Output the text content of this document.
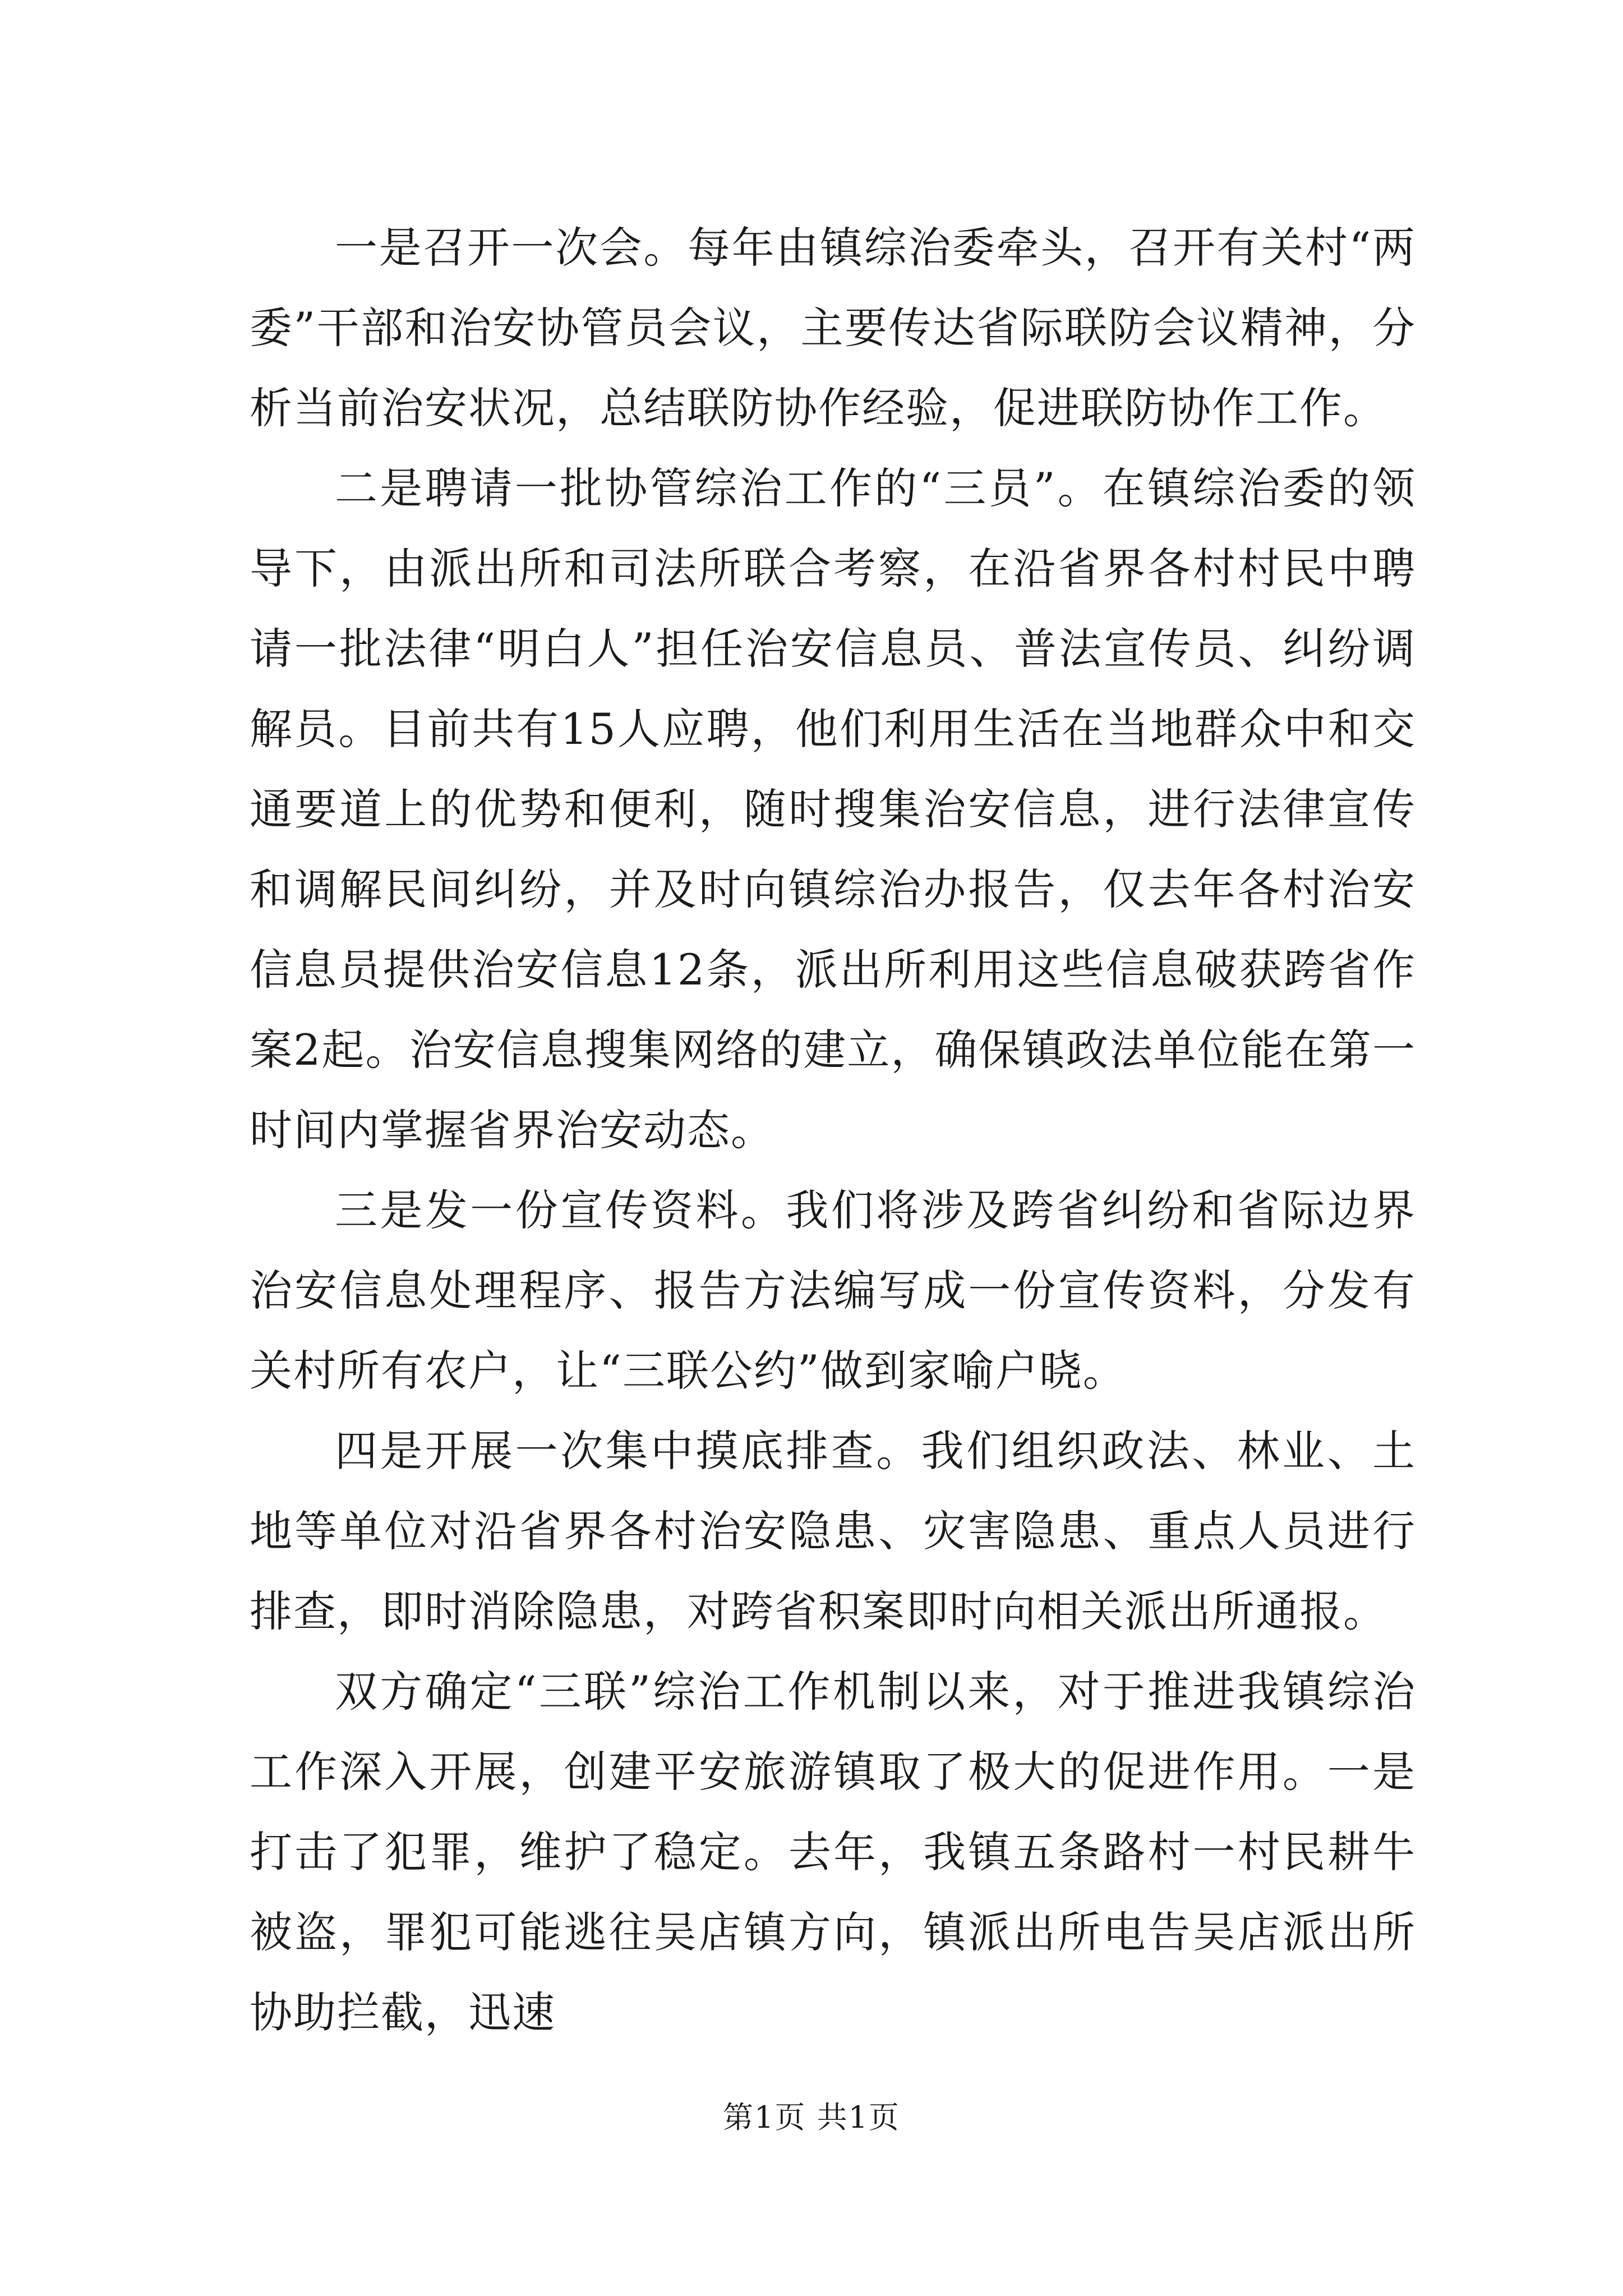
一是召开一次会。每年由镇综治委牵头，召开有关村“两委”干部和治安协管员会议，主要传达省际联防会议精神，分析当前治安状况，总结联防协作经验，促进联防协作工作。

二是聘请一批协管综治工作的“三员”。在镇综治委的领导下，由派出所和司法所联合考察，在沿省界各村村民中聘请一批法律“明白人”担任治安信息员、普法宣传员、纠纷调解员。目前共有15人应聘，他们利用生活在当地群众中和交通要道上的优势和便利，随时搜集治安信息，进行法律宣传和调解民间纠纷，并及时向镇综治办报告，仅去年各村治安信息员提供治安信息12条，派出所利用这些信息破获跨省作案2起。治安信息搜集网络的建立，确保镇政法单位能在第一时间内掌握省界治安动态。

三是发一份宣传资料。我们将涉及跨省纠纷和省际边界治安信息处理程序、报告方法编写成一份宣传资料，分发有关村所有农户，让“三联公约”做到家喻户晓。

四是开展一次集中摸底排查。我们组织政法、林业、土地等单位对沿省界各村治安隐患、灾害隐患、重点人员进行排查，即时消除隐患，对跨省积案即时向相关派出所通报。

双方确定“三联”综治工作机制以来，对于推进我镇综治工作深入开展，创建平安旅游镇取了极大的促进作用。一是打击了犯罪，维护了稳定。去年，我镇五条路村一村民耕牛被盗，罪犯可能逃往吴店镇方向，镇派出所电告吴店派出所协助拦截，迅速

第1页 共1页
